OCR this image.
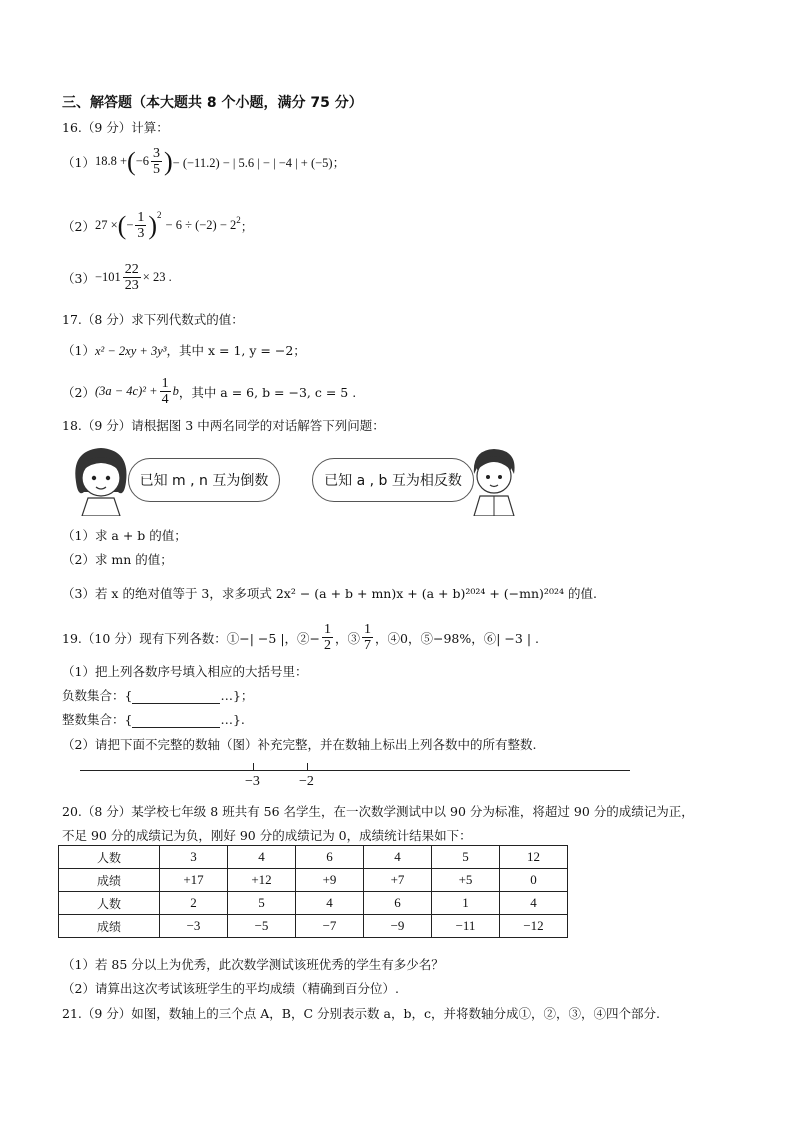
三、解答题（本大题共 8 个小题，满分 75 分）
16.（9 分）计算：
（1） 18.8 + ( $-6 \frac{3}{5}$ ) − (−11.2) − | 5.6 | − | −4 | + (−5)；
（2） 27 × ( − $\frac{1}{3} )^2$
− $6 \div (-2) - 2^2$ ；
$(3) -101 \frac{22}{23} \times 23$ .
17.（8 分）求下列代数式的值：
（1）x² − 2xy + 3y³，其中 x = 1, y = −2；
（2） $(3a - 4c)^2 + \frac{1}{4}$ b ，其中 a = 6, b = −3, c = 5 .
18.（9 分）请根据图 3 中两名同学的对话解答下列问题：
已知 m , n 互为倒数	已知 a , b 互为相反数
（1）求 a + b 的值；
（2）求 mn 的值；
（3）若 x 的绝对值等于 3，求多项式 2x² − (a + b + mn)x + (a + b)²⁰²⁴ + (−mn)²⁰²⁴ 的值.
19.（10 分）现有下列各数：①−| −5 |，②− $\frac{1}{2}$ ，③ $\frac{1}{7}$ ，④0，⑤−98%，⑥| −3 | .
（1）把上列各数序号填入相应的大括号里：
负数集合：{	…}；
整数集合：{	…}.
（2）请把下面不完整的数轴（图）补充完整，并在数轴上标出上列各数中的所有整数.
−3	−2
20.（8 分）某学校七年级 8 班共有 56 名学生，在一次数学测试中以 90 分为标准，将超过 90 分的成绩记为正，
不足 90 分的成绩记为负，刚好 90 分的成绩记为 0，成绩统计结果如下：
人数	3	4	6	4	5	12
成绩	+17	+12	+9	+7	+5	0
人数	2	5	4	6	1	4
成绩	−3	−5	−7	−9	−11	−12
（1）若 85 分以上为优秀，此次数学测试该班优秀的学生有多少名？
（2）请算出这次考试该班学生的平均成绩（精确到百分位）.
21.（9 分）如图，数轴上的三个点 A，B，C 分别表示数 a，b，c，并将数轴分成①，②，③，④四个部分.
